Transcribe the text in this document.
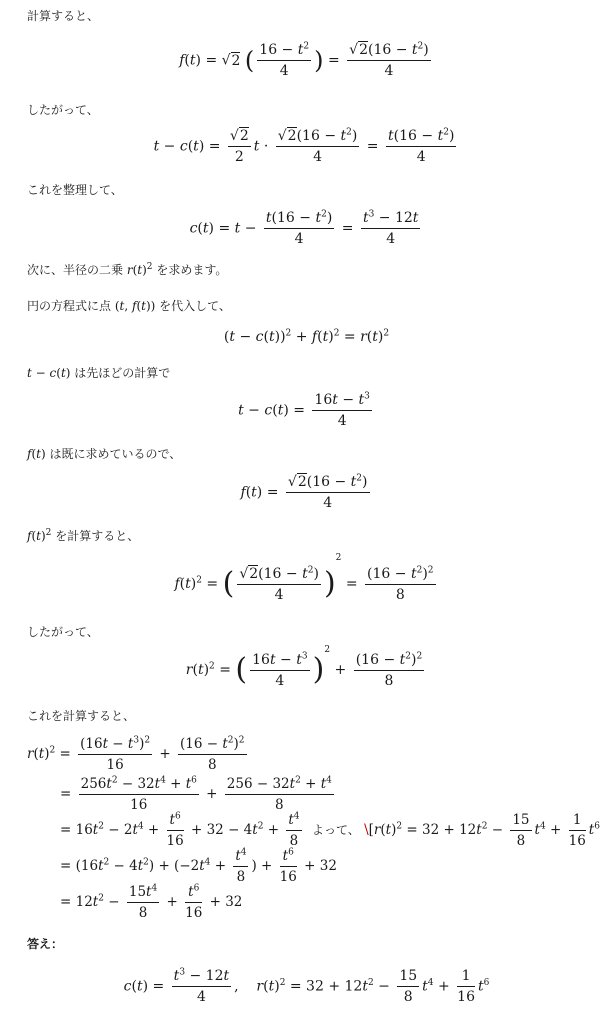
計算すると、
f(t) = √2 ( $\frac{16 - t^2}{4}$ ) = $\frac{√2(16 - t^2)}{4}$
したがって、
$t - c(t) = \frac{√2}{2}$ $t \cdot \frac{√2(16 - t^2)}{4} = \frac{t(16 - t^2)}{4}$
これを整理して、
$c(t) = t - \frac{t(16 - t^2)}{4} = \frac{t^3 - 12t}{4}$
次に、半径の二乗 $r(t)^2$ を求めます。
円の方程式に点 (t, f(t)) を代入して、
$(t - c(t))^2 + f(t)^2 = r(t)^2$
t − c(t) は先ほどの計算で
$t - c(t) = \frac{16t - t^3}{4}$
f(t) は既に求めているので、
$f(t) = \frac{√2(16 - t^2)}{4}$
$f(t)^2$ を計算すると、
$f(t)^2$ = ( $\frac{√2(16 - t^2)}{4} )^2 = \frac{(16 - t^2)^2}{8}$
したがって、
$r(t)^2$ = ( $\frac{16t - t^3}{4} )^2 + \frac{(16 - t^2)^2}{8}$
これを計算すると、
$r(t)^2 = \frac{(16t - t^3)^2}{16} + \frac{(16 - t^2)^2}{8}$
= $\frac{256t^2 - 32t^4 + t^6}{16} + \frac{256 - 32t^2 + t^4}{8}$
= $16t^2 - 2t^4 + \frac{t^6}{16} + 32 - 4t^2 + \frac{t^4}{8}$ よって、 $\backslash[r(t)^2 = 32 + 12t^2 - \frac{15}{8} t^4 + \frac{1}{16} t^6$
= $(16t^2 - 4t^2) + (-2t^4 + \frac{t^4}{8}$ ) + $\frac{t^6}{16} + 32$
= $12t^2 - \frac{15t^4}{8} + \frac{t^6}{16} + 32$
答え：
$c(t) = \frac{t^3 - 12t}{4}$ ,    $r(t)^2 = 32 + 12t^2 - \frac{15}{8} t^4 + \frac{1}{16} t^6$
